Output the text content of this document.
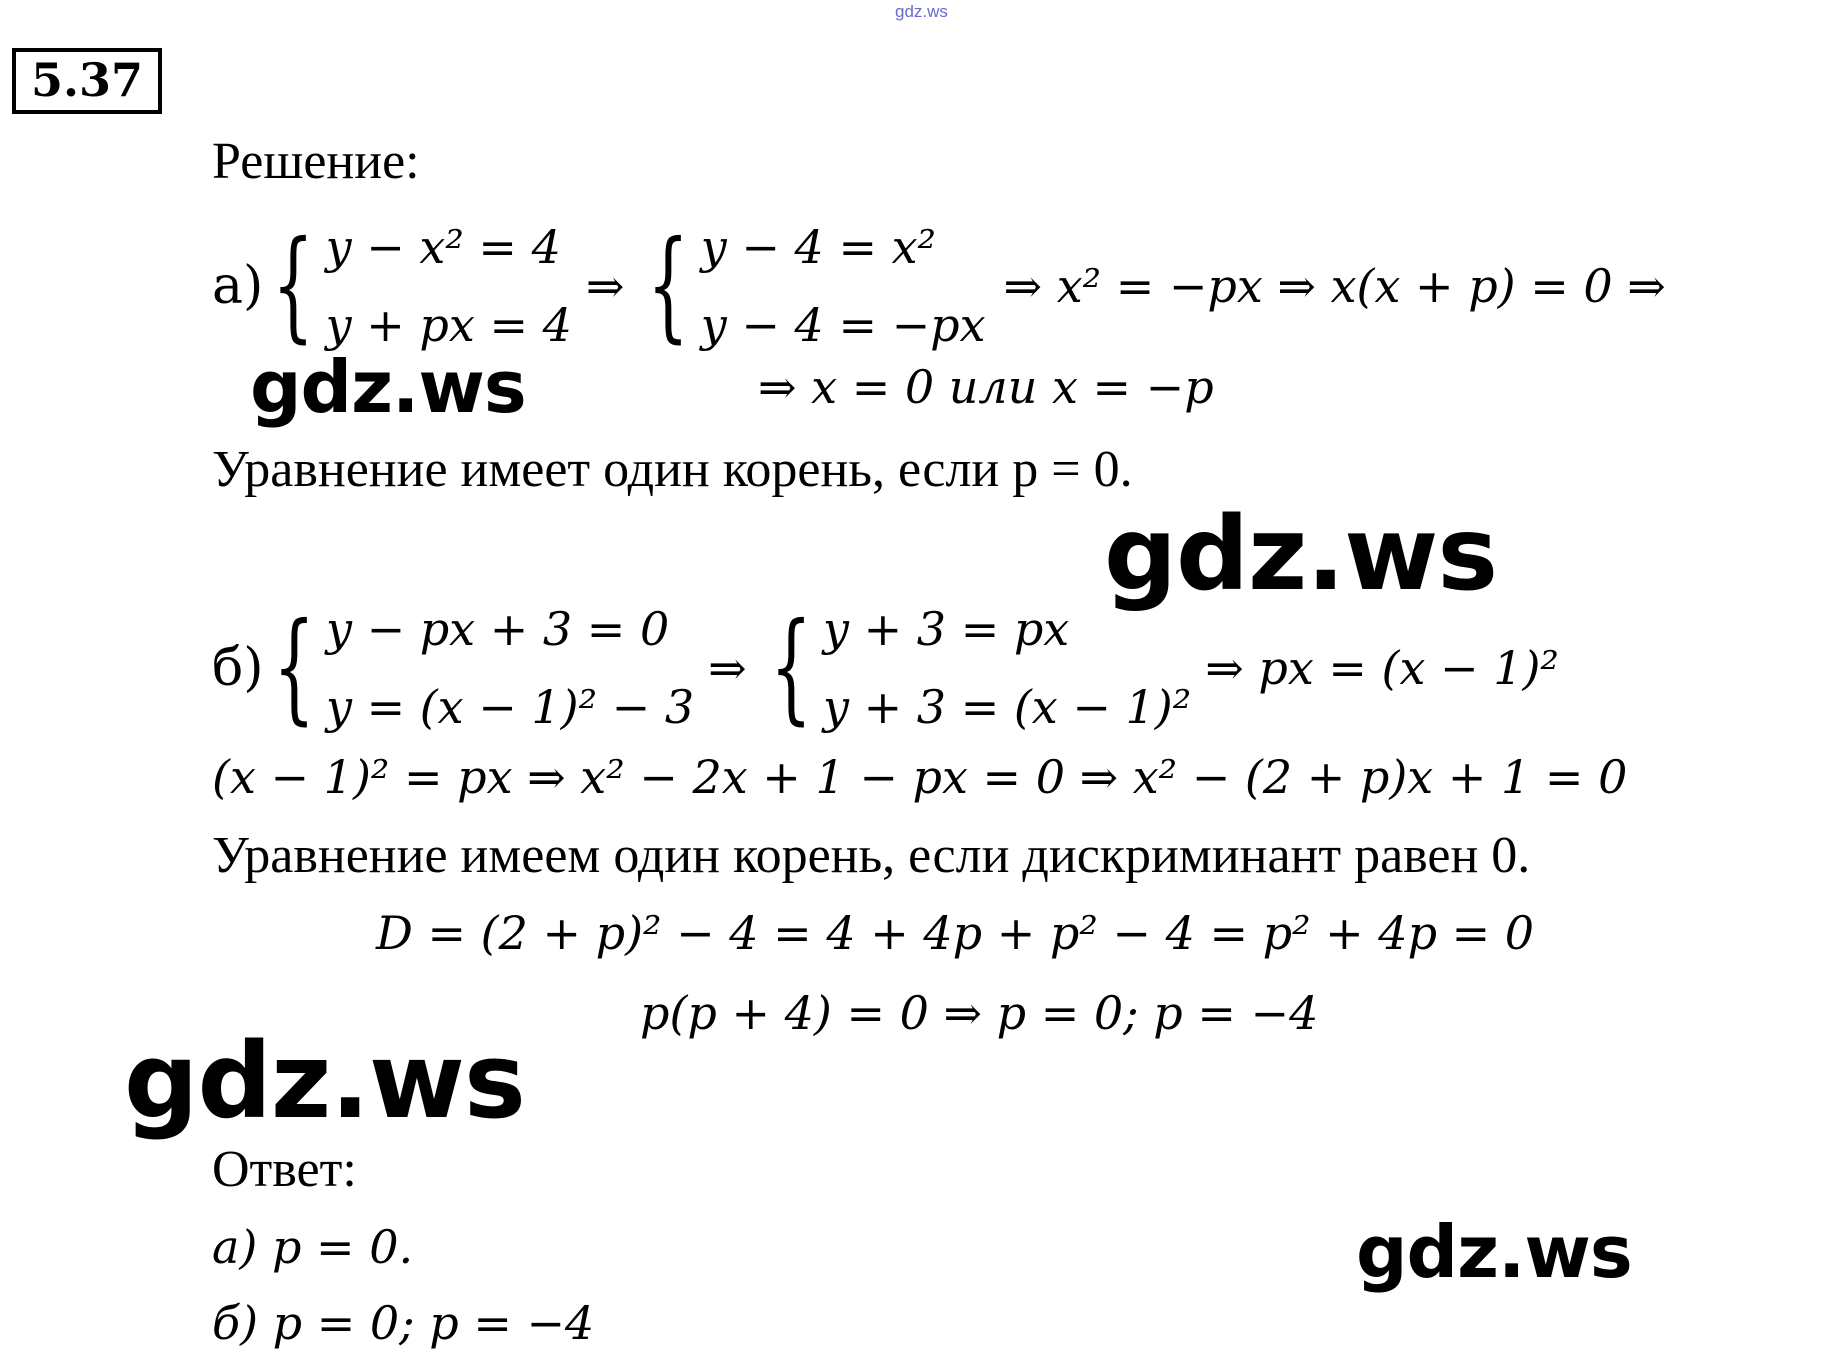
gdz.ws
5.37
Решение:
а) { y − x² = 4
y + px = 4
⇒ { y − 4 = x²
y − 4 = −px
⇒ x² = −px ⇒ x(x + p) = 0 ⇒
⇒ x = 0 или x = −p
Уравнение имеет один корень, если p = 0.
б) { y − px + 3 = 0
y = (x − 1)² − 3
⇒ { y + 3 = px
y + 3 = (x − 1)²
⇒ px = (x − 1)²
(x − 1)² = px ⇒ x² − 2x + 1 − px = 0 ⇒ x² − (2 + p)x + 1 = 0
Уравнение имеем один корень, если дискриминант равен 0.
D = (2 + p)² − 4 = 4 + 4p + p² − 4 = p² + 4p = 0
p(p + 4) = 0 ⇒ p = 0; p = −4
Ответ:
а) p = 0.
б) p = 0; p = −4
gdz.ws
gdz.ws
gdz.ws
gdz.ws
